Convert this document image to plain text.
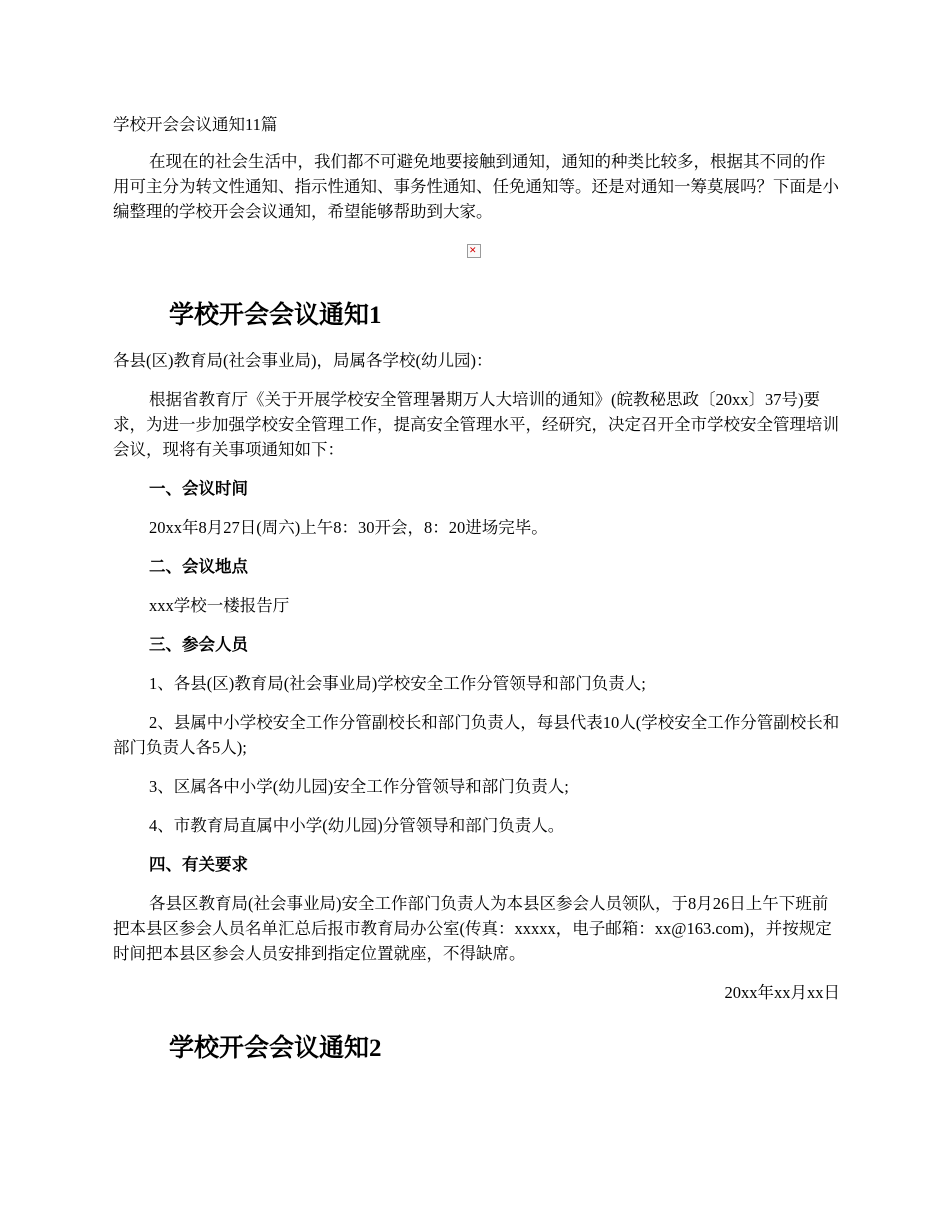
学校开会会议通知11篇

在现在的社会生活中，我们都不可避免地要接触到通知，通知的种类比较多，根据其不同的作用可主分为转文性通知、指示性通知、事务性通知、任免通知等。还是对通知一筹莫展吗？下面是小编整理的学校开会会议通知，希望能够帮助到大家。

✕
学校开会会议通知1

各县(区)教育局(社会事业局)，局属各学校(幼儿园)：

根据省教育厅《关于开展学校安全管理暑期万人大培训的通知》(皖教秘思政〔20xx〕37号)要求，为进一步加强学校安全管理工作，提高安全管理水平，经研究，决定召开全市学校安全管理培训会议，现将有关事项通知如下：

一、会议时间

20xx年8月27日(周六)上午8：30开会，8：20进场完毕。

二、会议地点

xxx学校一楼报告厅

三、参会人员

1、各县(区)教育局(社会事业局)学校安全工作分管领导和部门负责人;

2、县属中小学校安全工作分管副校长和部门负责人，每县代表10人(学校安全工作分管副校长和部门负责人各5人);

3、区属各中小学(幼儿园)安全工作分管领导和部门负责人;

4、市教育局直属中小学(幼儿园)分管领导和部门负责人。

四、有关要求

各县区教育局(社会事业局)安全工作部门负责人为本县区参会人员领队，于8月26日上午下班前把本县区参会人员名单汇总后报市教育局办公室(传真：xxxxx，电子邮箱：xx@163.com)，并按规定时间把本县区参会人员安排到指定位置就座，不得缺席。

20xx年xx月xx日

学校开会会议通知2
